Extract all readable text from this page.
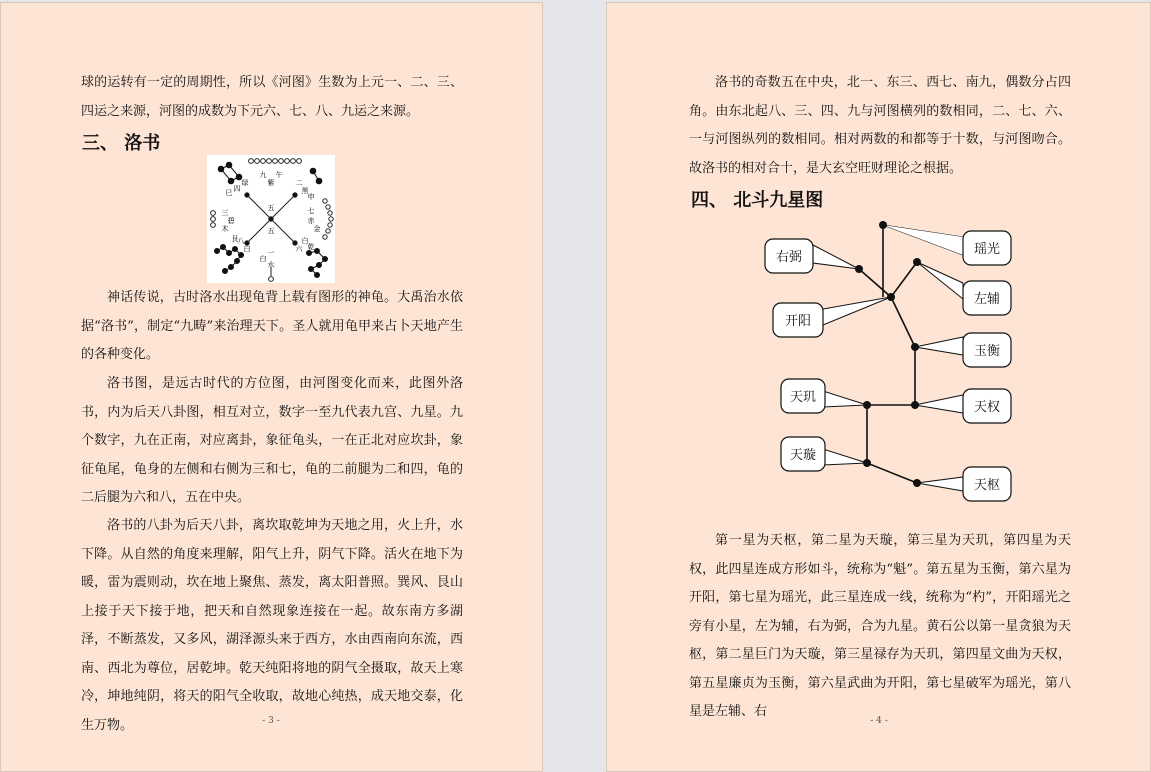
球的运转有一定的周期性，所以《河图》生数为上元一、二、三、四运之来源，河图的成数为下元六、七、八、九运之来源。

三、 洛书
五
五
九
紫
午
白
一
水
三
碧
木
七
赤
金
四
绿
巳
二
黑
申
八
白
艮
六
白
乾

神话传说，古时洛水出现龟背上载有图形的神龟。大禹治水依据“洛书”，制定“九畴”来治理天下。圣人就用龟甲来占卜天地产生的各种变化。

洛书图，是远古时代的方位图，由河图变化而来，此图外洛书，内为后天八卦图，相互对立，数字一至九代表九宫、九星。九个数字，九在正南，对应离卦，象征龟头，一在正北对应坎卦，象征龟尾，龟身的左侧和右侧为三和七，龟的二前腿为二和四，龟的二后腿为六和八，五在中央。

洛书的八卦为后天八卦，离坎取乾坤为天地之用，火上升，水下降。从自然的角度来理解，阳气上升，阴气下降。活火在地下为暖，雷为震则动，坎在地上聚焦、蒸发，离太阳普照。巽风、艮山上接于天下接于地，把天和自然现象连接在一起。故东南方多湖泽，不断蒸发，又多风，湖泽源头来于西方，水由西南向东流，西南、西北为尊位，居乾坤。乾天纯阳将地的阴气全摄取，故天上寒冷，坤地纯阴，将天的阳气全收取，故地心纯热，成天地交泰，化生万物。	- 3 -

洛书的奇数五在中央，北一、东三、西七、南九，偶数分占四角。由东北起八、三、四、九与河图横列的数相同，二、七、六、一与河图纵列的数相同。相对两数的和都等于十数，与河图吻合。故洛书的相对合十，是大玄空旺财理论之根据。

四、 北斗九星图
瑶光
右弼
左辅
开阳
玉衡
天玑
天权
天璇
天枢

第一星为天枢，第二星为天璇，第三星为天玑，第四星为天权，此四星连成方形如斗，统称为“魁”。第五星为玉衡，第六星为开阳，第七星为瑶光，此三星连成一线，统称为“杓”，开阳瑶光之旁有小星，左为辅，右为弼，合为九星。黄石公以第一星贪狼为天枢，第二星巨门为天璇，第三星禄存为天玑，第四星文曲为天权，第五星廉贞为玉衡，第六星武曲为开阳，第七星破军为瑶光，第八星是左辅、右

- 4 -
